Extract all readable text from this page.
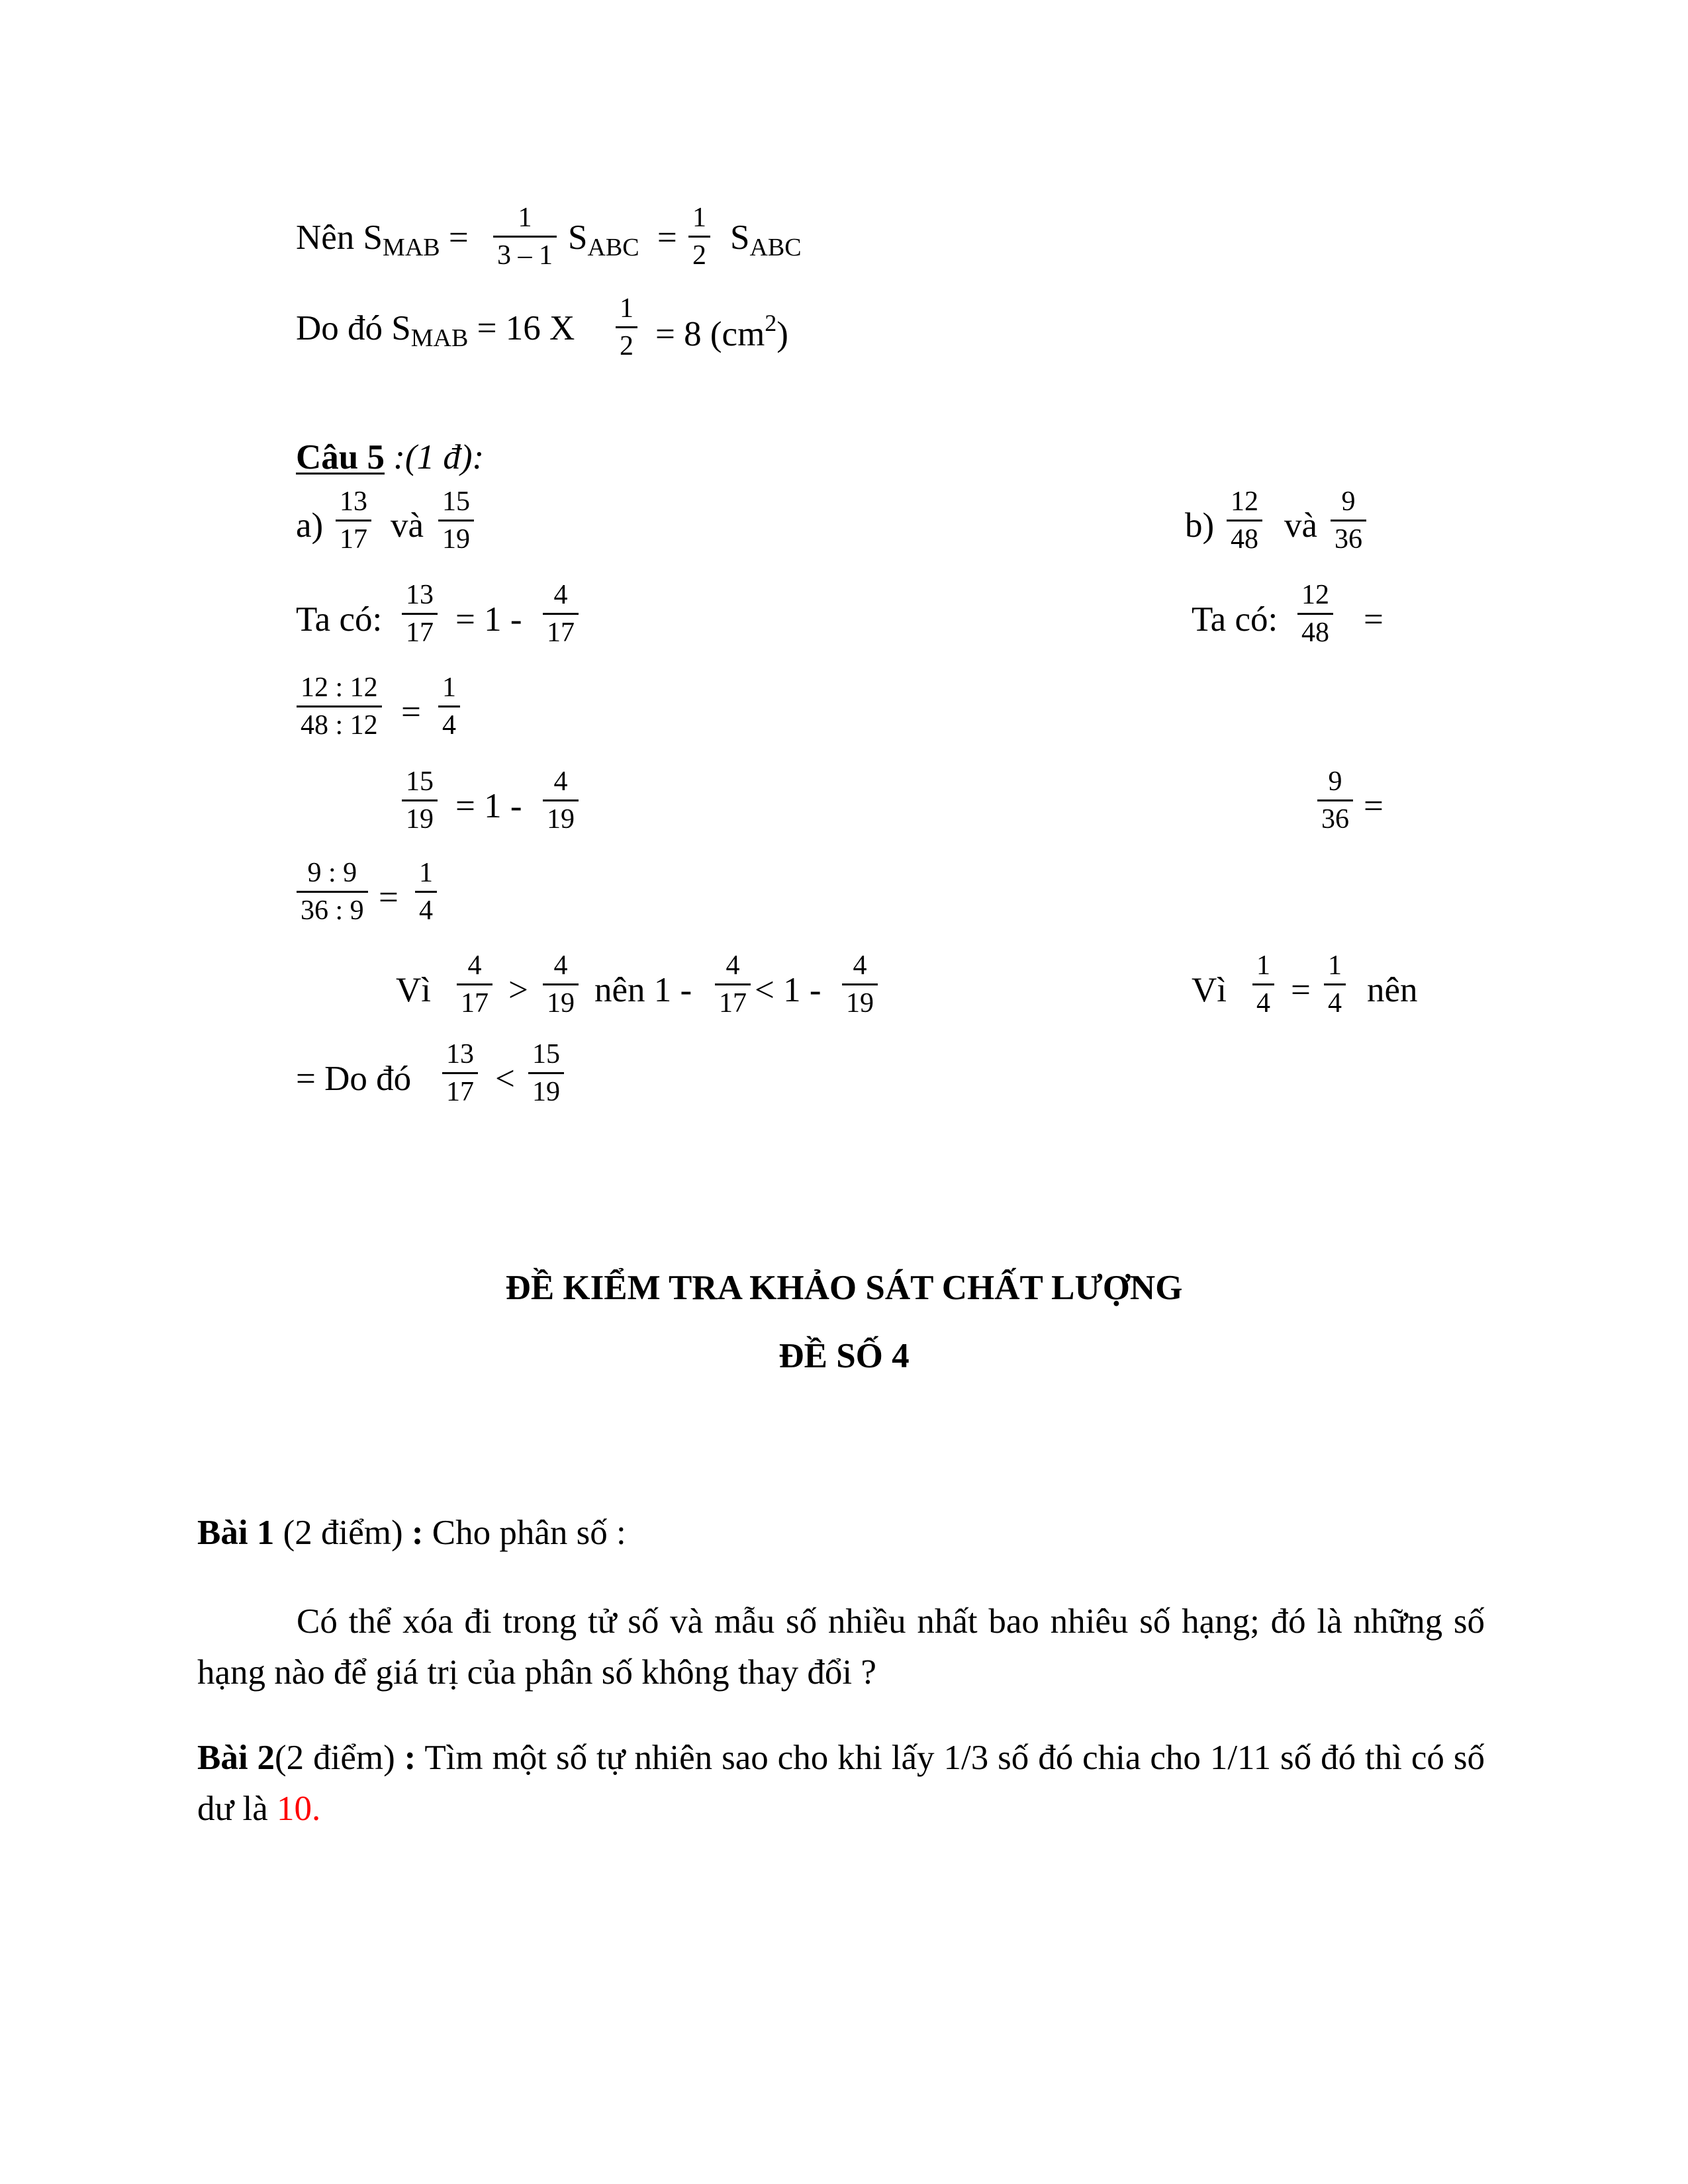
Nên $S_{MAB}$ =
1
3 – 1 $S_{ABC}$ =
1
2 $S_{ABC}$
Do đó $S_{MAB} = 16$ X
1
2 = 8 $(cm^2)$
Câu 5 :(1 đ):
a)
13
17 và
15
19	b)
12
48 và
9
36
Ta có:
13
17 = 1 -
4
17	Ta có:
12
48 =
12 : 12
48 : 12 =
1
4
15
19 = 1 -
4
19
9
36 =
9 : 9
36 : 9 =
1
4
Vì
4
17 >
4
19 nên 1 -
4
17 < 1 -
4
19	Vì
1
4 =
1
4 nên
= Do đó
13
17 <
15
19
ĐỀ KIỂM TRA KHẢO SÁT CHẤT LƯỢNG
ĐỀ SỐ 4
Bài 1 (2 điểm) : Cho phân số :
Có thể xóa đi trong tử số và mẫu số nhiều nhất bao nhiêu số hạng; đó là những số hạng nào để giá trị của phân số không thay đổi ?
Bài 2(2 điểm) : Tìm một số tự nhiên sao cho khi lấy 1/3 số đó chia cho 1/11 số đó thì có số dư là 10.
